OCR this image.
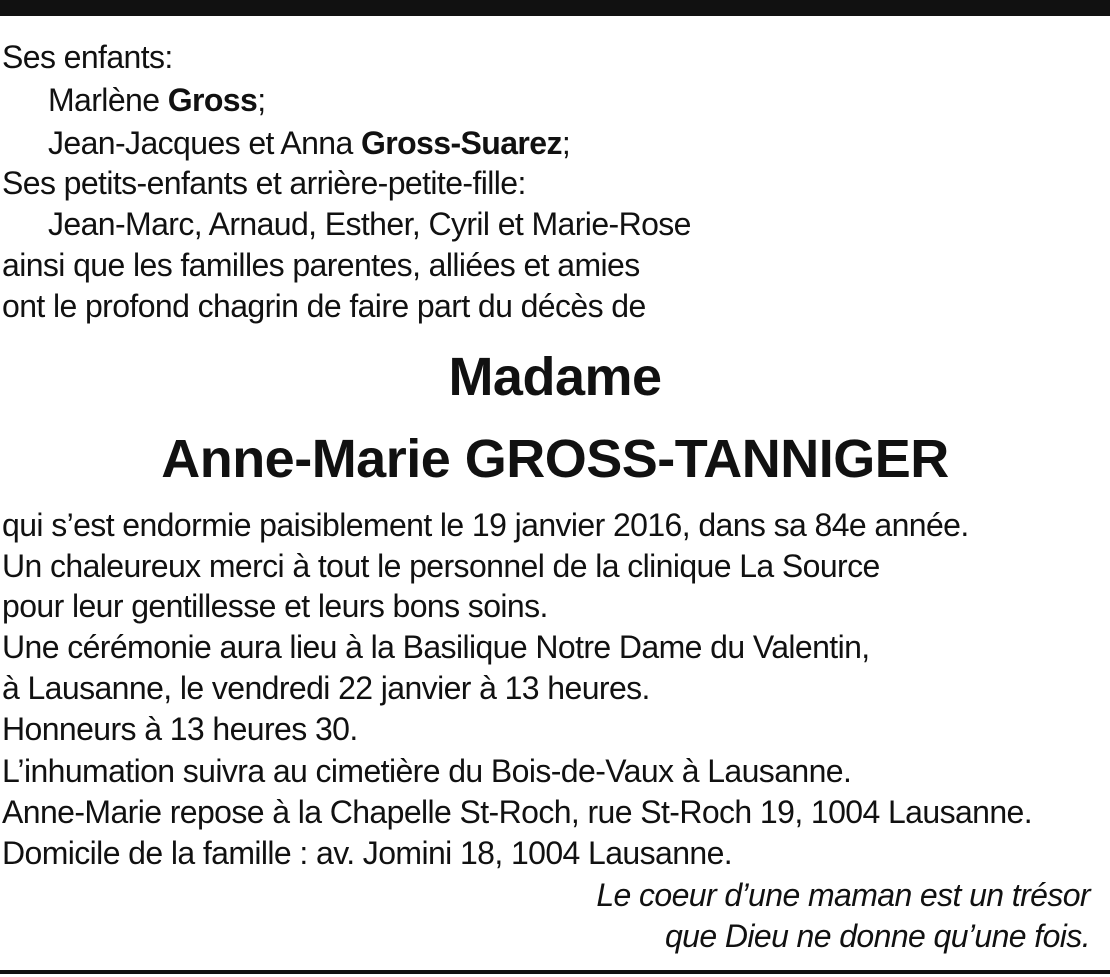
Ses enfants:
Marlène Gross;
Jean-Jacques et Anna Gross-Suarez;
Ses petits-enfants et arrière-petite-fille:
Jean-Marc, Arnaud, Esther, Cyril et Marie-Rose
ainsi que les familles parentes, alliées et amies
ont le profond chagrin de faire part du décès de
Madame
Anne-Marie GROSS-TANNIGER
qui s’est endormie paisiblement le 19 janvier 2016, dans sa 84e année.
Un chaleureux merci à tout le personnel de la clinique La Source
pour leur gentillesse et leurs bons soins.
Une cérémonie aura lieu à la Basilique Notre Dame du Valentin,
à Lausanne, le vendredi 22 janvier à 13 heures.
Honneurs à 13 heures 30.
L’inhumation suivra au cimetière du Bois-de-Vaux à Lausanne.
Anne-Marie repose à la Chapelle St-Roch, rue St-Roch 19, 1004 Lausanne.
Domicile de la famille : av. Jomini 18, 1004 Lausanne.
Le coeur d’une maman est un trésor
que Dieu ne donne qu’une fois.
